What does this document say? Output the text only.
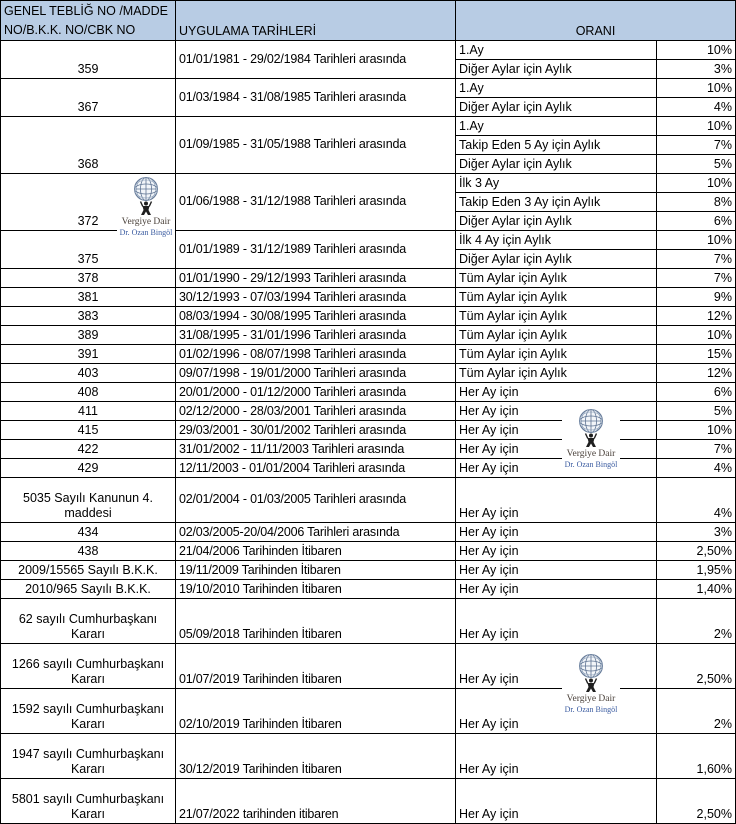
GENEL TEBLİĞ NO /MADDE NO/B.K.K. NO/CBK NO	UYGULAMA TARİHLERİ	ORANI	
359	01/01/1981 - 29/02/1984 Tarihleri arasında	1.Ay	10%
		Diğer Aylar için Aylık	3%
367	01/03/1984 - 31/08/1985 Tarihleri arasında	1.Ay	10%
		Diğer Aylar için Aylık	4%
368	01/09/1985 - 31/05/1988 Tarihleri arasında	1.Ay	10%
		Takip Eden 5 Ay için Aylık	7%
		Diğer Aylar için Aylık	5%
372	01/06/1988 - 31/12/1988 Tarihleri arasında	İlk 3 Ay	10%
		Takip Eden 3 Ay için Aylık	8%
		Diğer Aylar için Aylık	6%
375	01/01/1989 - 31/12/1989 Tarihleri arasında	İlk 4 Ay için Aylık	10%
		Diğer Aylar için Aylık	7%
378	01/01/1990 - 29/12/1993 Tarihleri arasında	Tüm Aylar için Aylık	7%
381	30/12/1993 - 07/03/1994 Tarihleri arasında	Tüm Aylar için Aylık	9%
383	08/03/1994 - 30/08/1995 Tarihleri arasında	Tüm Aylar için Aylık	12%
389	31/08/1995 - 31/01/1996 Tarihleri arasında	Tüm Aylar için Aylık	10%
391	01/02/1996 - 08/07/1998 Tarihleri arasında	Tüm Aylar için Aylık	15%
403	09/07/1998 - 19/01/2000 Tarihleri arasında	Tüm Aylar için Aylık	12%
408	20/01/2000 - 01/12/2000 Tarihleri arasında	Her Ay için	6%
411	02/12/2000 - 28/03/2001 Tarihleri arasında	Her Ay için	5%
415	29/03/2001 - 30/01/2002 Tarihleri arasında	Her Ay için	10%
422	31/01/2002 - 11/11/2003 Tarihleri arasında	Her Ay için	7%
429	12/11/2003 - 01/01/2004 Tarihleri arasında	Her Ay için	4%
5035 Sayılı Kanunun 4. maddesi	02/01/2004 - 01/03/2005 Tarihleri arasında	Her Ay için	4%
434	02/03/2005-20/04/2006 Tarihleri arasında	Her Ay için	3%
438	21/04/2006 Tarihinden İtibaren	Her Ay için	2,50%
2009/15565 Sayılı B.K.K.	19/11/2009 Tarihinden İtibaren	Her Ay için	1,95%
2010/965 Sayılı B.K.K.	19/10/2010 Tarihinden İtibaren	Her Ay için	1,40%
62 sayılı Cumhurbaşkanı Kararı	05/09/2018 Tarihinden İtibaren	Her Ay için	2%
1266 sayılı Cumhurbaşkanı Kararı	01/07/2019 Tarihinden İtibaren	Her Ay için	2,50%
1592 sayılı Cumhurbaşkanı Kararı	02/10/2019 Tarihinden İtibaren	Her Ay için	2%
1947 sayılı Cumhurbaşkanı Kararı	30/12/2019 Tarihinden İtibaren	Her Ay için	1,60%
5801 sayılı Cumhurbaşkanı Kararı	21/07/2022 tarihinden itibaren	Her Ay için	2,50%
Vergiye Dair
Dr. Ozan Bingöl
Vergiye Dair
Dr. Ozan Bingöl
Vergiye Dair
Dr. Ozan Bingöl
